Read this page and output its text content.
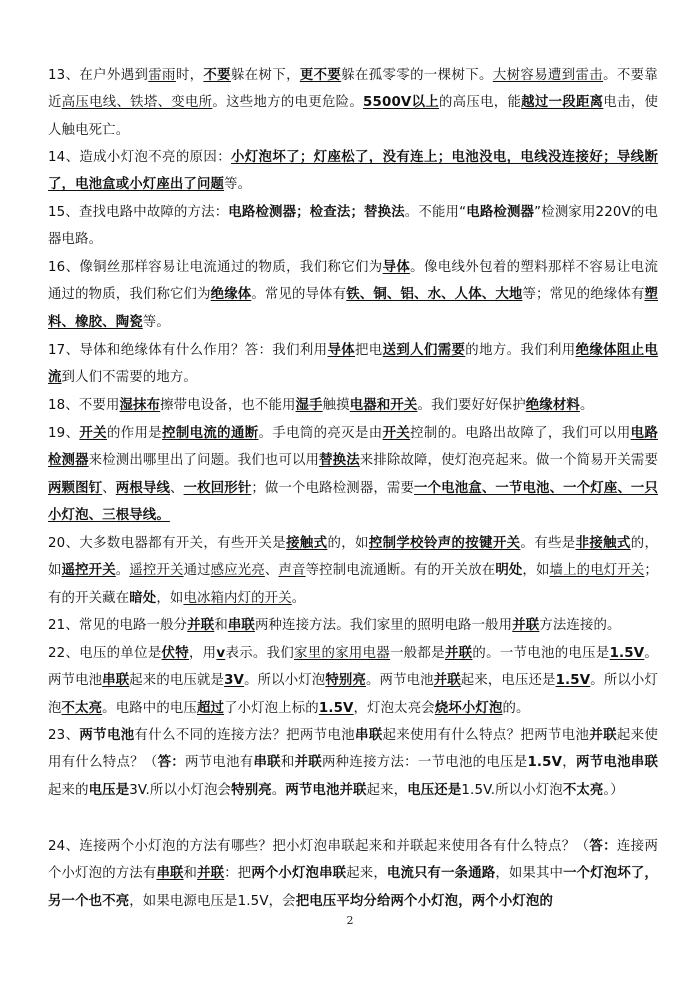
13、在户外遇到雷雨时，不要躲在树下，更不要躲在孤零零的一棵树下。大树容易遭到雷击。不要靠近高压电线、铁塔、变电所。这些地方的电更危险。5500V以上的高压电，能越过一段距离电击，使人触电死亡。
14、造成小灯泡不亮的原因：小灯泡坏了；灯座松了，没有连上；电池没电，电线没连接好；导线断了，电池盒或小灯座出了问题等。
15、查找电路中故障的方法：电路检测器；检查法；替换法。不能用“电路检测器”检测家用220V的电器电路。
16、像铜丝那样容易让电流通过的物质，我们称它们为导体。像电线外包着的塑料那样不容易让电流通过的物质，我们称它们为绝缘体。常见的导体有铁、铜、铝、水、人体、大地等；常见的绝缘体有塑料、橡胶、陶瓷等。
17、导体和绝缘体有什么作用？答：我们利用导体把电送到人们需要的地方。我们利用绝缘体阻止电流到人们不需要的地方。
18、不要用湿抹布擦带电设备，也不能用湿手触摸电器和开关。我们要好好保护绝缘材料。
19、开关的作用是控制电流的通断。手电筒的亮灭是由开关控制的。电路出故障了，我们可以用电路检测器来检测出哪里出了问题。我们也可以用替换法来排除故障，使灯泡亮起来。做一个简易开关需要两颗图钉、两根导线、一枚回形针；做一个电路检测器，需要一个电池盒、一节电池、一个灯座、一只小灯泡、三根导线。
20、大多数电器都有开关，有些开关是接触式的，如控制学校铃声的按键开关。有些是非接触式的，如遥控开关。遥控开关通过感应光亮、声音等控制电流通断。有的开关放在明处，如墙上的电灯开关；有的开关藏在暗处，如电冰箱内灯的开关。
21、常见的电路一般分并联和串联两种连接方法。我们家里的照明电路一般用并联方法连接的。
22、电压的单位是伏特，用v表示。我们家里的家用电器一般都是并联的。一节电池的电压是1.5V。两节电池串联起来的电压就是3V。所以小灯泡特别亮。两节电池并联起来，电压还是1.5V。所以小灯泡不太亮。电路中的电压超过了小灯泡上标的1.5V，灯泡太亮会烧坏小灯泡的。
23、两节电池有什么不同的连接方法？把两节电池串联起来使用有什么特点？把两节电池并联起来使用有什么特点？（答：两节电池有串联和并联两种连接方法：一节电池的电压是1.5V，两节电池串联起来的电压是3V.所以小灯泡会特别亮。两节电池并联起来，电压还是1.5V.所以小灯泡不太亮。）
24、连接两个小灯泡的方法有哪些？把小灯泡串联起来和并联起来使用各有什么特点？（答：连接两个小灯泡的方法有串联和并联：把两个小灯泡串联起来，电流只有一条通路，如果其中一个灯泡坏了，另一个也不亮，如果电源电压是1.5V，会把电压平均分给两个小灯泡，两个小灯泡的
2
